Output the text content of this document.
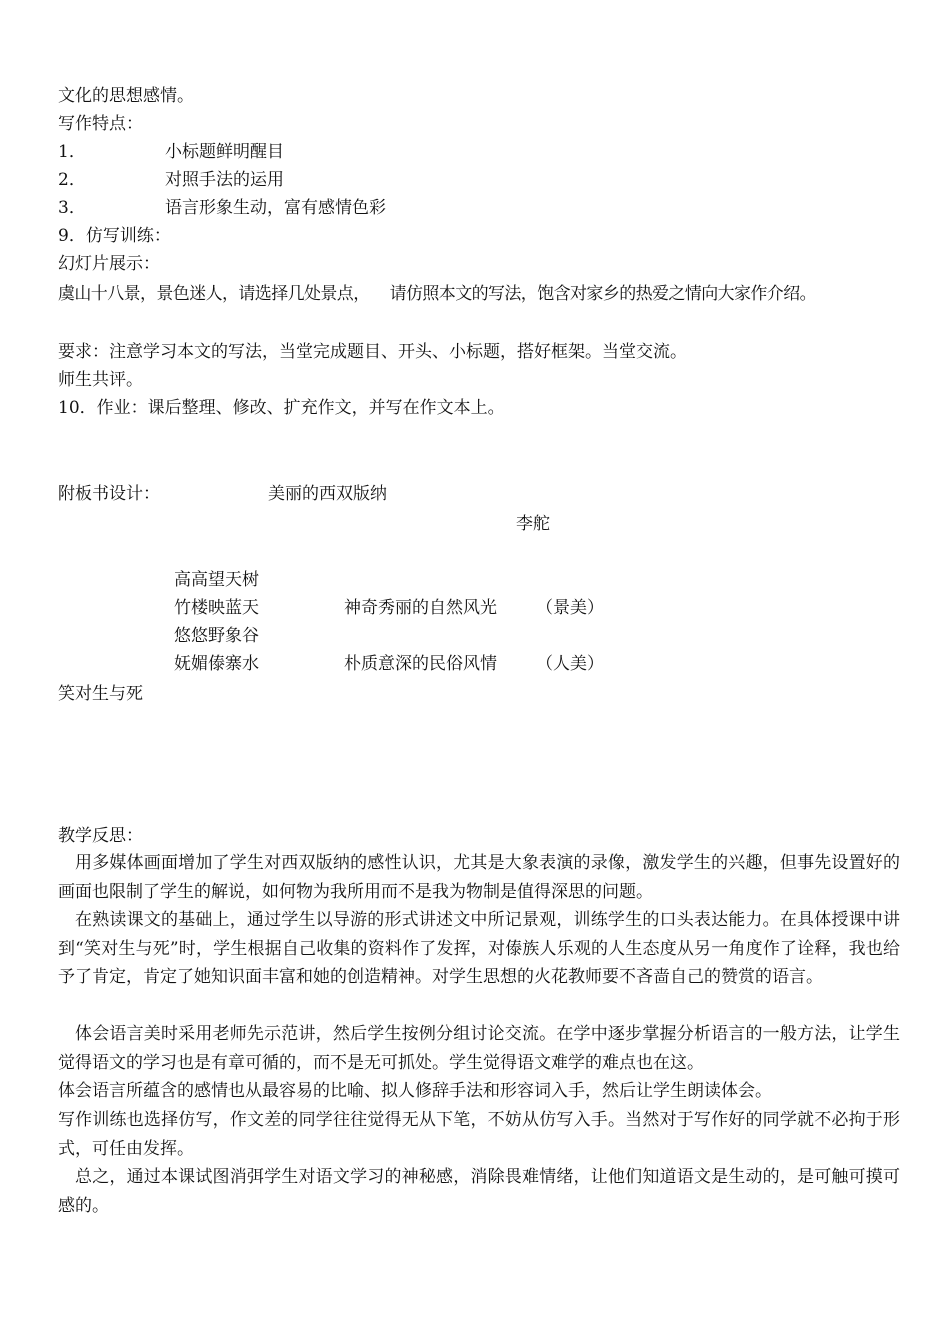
文化的思想感情。
写作特点：
1．	小标题鲜明醒目
2．	对照手法的运用
3．	语言形象生动，富有感情色彩
9．仿写训练：
幻灯片展示：
虞山十八景，景色迷人，请选择几处景点， 请仿照本文的写法，饱含对家乡的热爱之情向大家作介绍。
要求：注意学习本文的写法，当堂完成题目、开头、小标题，搭好框架。当堂交流。
师生共评。
10．作业：课后整理、修改、扩充作文，并写在作文本上。
附板书设计：	美丽的西双版纳
李舵
高高望天树
竹楼映蓝天	神奇秀丽的自然风光 （景美）
悠悠野象谷
妩媚傣寨水	朴质意深的民俗风情 （人美）
笑对生与死
教学反思：
用多媒体画面增加了学生对西双版纳的感性认识，尤其是大象表演的录像，激发学生的兴趣，但事先设置好的画面也限制了学生的解说，如何物为我所用而不是我为物制是值得深思的问题。
在熟读课文的基础上，通过学生以导游的形式讲述文中所记景观，训练学生的口头表达能力。在具体授课中讲到“笑对生与死”时，学生根据自己收集的资料作了发挥，对傣族人乐观的人生态度从另一角度作了诠释，我也给予了肯定，肯定了她知识面丰富和她的创造精神。对学生思想的火花教师要不吝啬自己的赞赏的语言。
体会语言美时采用老师先示范讲，然后学生按例分组讨论交流。在学中逐步掌握分析语言的一般方法，让学生觉得语文的学习也是有章可循的，而不是无可抓处。学生觉得语文难学的难点也在这。
体会语言所蕴含的感情也从最容易的比喻、拟人修辞手法和形容词入手，然后让学生朗读体会。
写作训练也选择仿写，作文差的同学往往觉得无从下笔，不妨从仿写入手。当然对于写作好的同学就不必拘于形式，可任由发挥。
总之，通过本课试图消弭学生对语文学习的神秘感，消除畏难情绪，让他们知道语文是生动的，是可触可摸可感的。
